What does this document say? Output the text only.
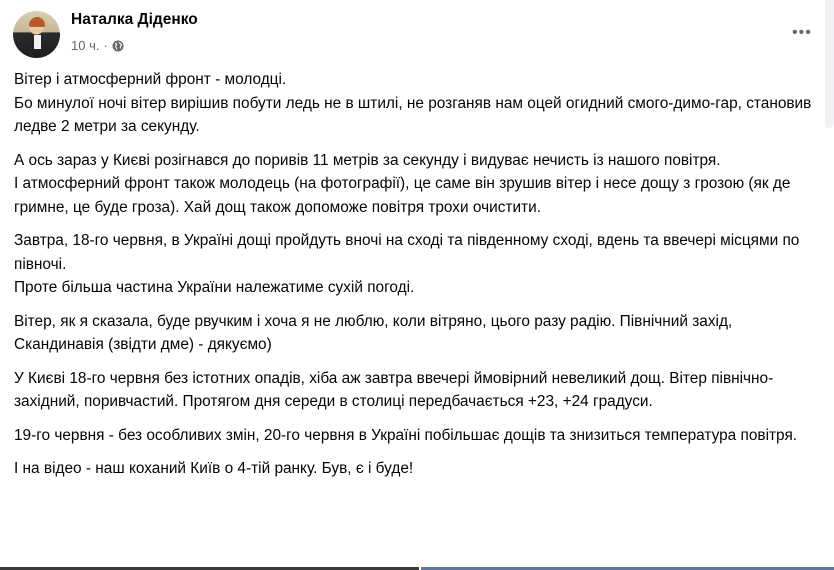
Наталка Діденко
10 ч. ·
•••

Вітер і атмосферний фронт - молодці.
Бо минулої ночі вітер вирішив побути ледь не в штилі, не розганяв нам оцей огидний смого-димо-гар, становив ледве 2 метри за секунду.

А ось зараз у Києві розігнався до поривів 11 метрів за секунду і видуває нечисть із нашого повітря.
І атмосферний фронт також молодець (на фотографії), це саме він зрушив вітер і несе дощу з грозою (як де гримне, це буде гроза). Хай дощ також допоможе повітря трохи очистити.

Завтра, 18-го червня, в Україні дощі пройдуть вночі на сході та південному сході, вдень та ввечері місцями по півночі.
Проте більша частина України належатиме сухій погоді.

Вітер, як я сказала, буде рвучким і хоча я не люблю, коли вітряно, цього разу радію. Північний захід, Скандинавія (звідти дме) - дякуємо)

У Києві 18-го червня без істотних опадів, хіба аж завтра ввечері ймовірний невеликий дощ. Вітер північно-західний, поривчастий. Протягом дня середи в столиці передбачається +23, +24 градуси.

19-го червня - без особливих змін, 20-го червня в Україні побільшає дощів та знизиться температура повітря.

І на відео - наш коханий Київ о 4-тій ранку. Був, є і буде!
